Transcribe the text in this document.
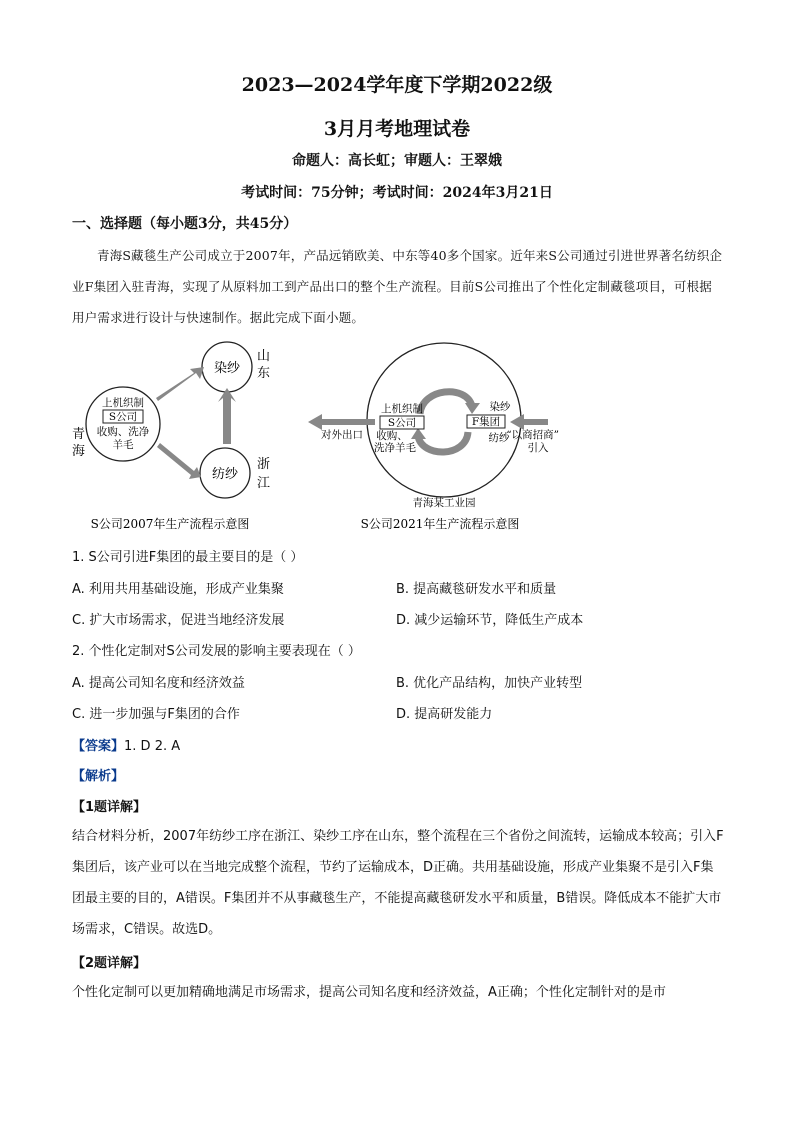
2023—2024学年度下学期2022级
3月月考地理试卷
命题人：高长虹；审题人：王翠娥
考试时间：75分钟；考试时间：2024年3月21日
一、选择题（每小题3分，共45分）
青海S藏毯生产公司成立于2007年，产品远销欧美、中东等40多个国家。近年来S公司通过引进世界著名纺织企业F集团入驻青海，实现了从原料加工到产品出口的整个生产流程。目前S公司推出了个性化定制藏毯项目，可根据用户需求进行设计与快速制作。据此完成下面小题。
染纱
山
东
上机织制
S公司
收购、洗净
羊毛
青
海
纺纱
浙
江
S公司2007年生产流程示意图
上机织制
S公司
收购、
洗净羊毛
染纱
F集团
纺纱
对外出口	“以商招商”
引入
青海某工业园
S公司2021年生产流程示意图
1. S公司引进F集团的最主要目的是（ ）
A. 利用共用基础设施，形成产业集聚	B. 提高藏毯研发水平和质量
C. 扩大市场需求，促进当地经济发展	D. 减少运输环节，降低生产成本
2. 个性化定制对S公司发展的影响主要表现在（ ）
A. 提高公司知名度和经济效益	B. 优化产品结构，加快产业转型
C. 进一步加强与F集团的合作	D. 提高研发能力
【答案】1. D 2. A
【解析】
【1题详解】
结合材料分析，2007年纺纱工序在浙江、染纱工序在山东，整个流程在三个省份之间流转，运输成本较高；引入F集团后，该产业可以在当地完成整个流程，节约了运输成本，D正确。共用基础设施，形成产业集聚不是引入F集团最主要的目的，A错误。F集团并不从事藏毯生产，不能提高藏毯研发水平和质量，B错误。降低成本不能扩大市场需求，C错误。故选D。
【2题详解】
个性化定制可以更加精确地满足市场需求，提高公司知名度和经济效益，A正确；个性化定制针对的是市
